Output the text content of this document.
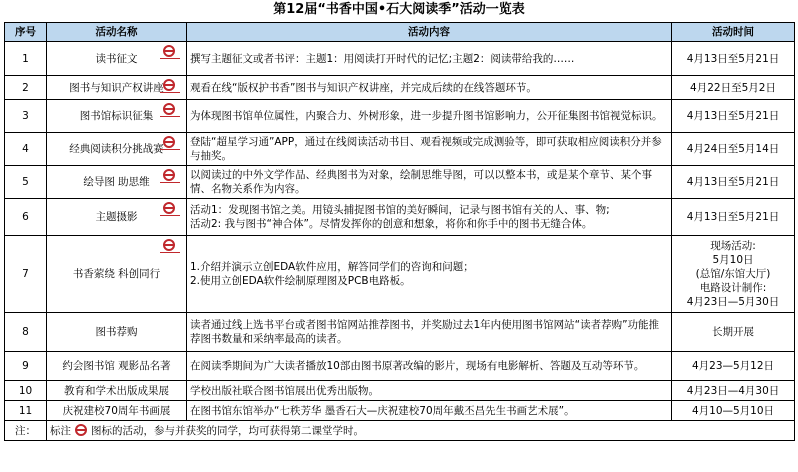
第12届“书香中国•石大阅读季”活动一览表
序号	活动名称	活动内容	活动时间
1	读书征文	撰写主题征文或者书评：主题1：用阅读打开时代的记忆;主题2：阅读带给我的……	4月13日至5月21日
2	图书与知识产权讲座	观看在线“版权护书香”图书与知识产权讲座，并完成后续的在线答题环节。	4月22日至5月2日
3	图书馆标识征集	为体现图书馆单位属性，内聚合力、外树形象，进一步提升图书馆影响力，公开征集图书馆视觉标识。	4月13日至5月21日
4	经典阅读积分挑战赛	登陆“超星学习通”APP，通过在线阅读活动书目、观看视频或完成测验等，即可获取相应阅读积分并参与抽奖。	4月24日至5月14日
5	绘导图 助思维	以阅读过的中外文学作品、经典图书为对象，绘制思维导图，可以以整本书，或是某个章节、某个事情、名物关系作为内容。	4月13日至5月21日
6	主题摄影	活动1：发现图书馆之美。用镜头捕捉图书馆的美好瞬间，记录与图书馆有关的人、事、物;
活动2: 我与图书“神合体”。尽情发挥你的创意和想象，将你和你手中的图书无缝合体。	4月13日至5月21日
7	书香萦绕 科创同行	1.介绍并演示立创EDA软件应用，解答同学们的咨询和问题；
2.使用立创EDA软件绘制原理图及PCB电路板。	现场活动:
5月10日
(总馆/东馆大厅)
电路设计制作:
4月23日—5月30日
8	图书荐购	读者通过线上选书平台或者图书馆网站推荐图书，并奖励过去1年内使用图书馆网站“读者荐购”功能推荐图书数量和采纳率最高的读者。	长期开展
9	约会图书馆 观影品名著	在阅读季期间为广大读者播放10部由图书原著改编的影片，现场有电影解析、答题及互动等环节。	4月23—5月12日
10	教育和学术出版成果展	学校出版社联合图书馆展出优秀出版物。	4月23日—4月30日
11	庆祝建校70周年书画展	在图书馆东馆举办“七秩芳华 墨香石大—庆祝建校70周年戴丕昌先生书画艺术展”。	4月10—5月10日
注：	标注 图标的活动，参与并获奖的同学，均可获得第二课堂学时。		
